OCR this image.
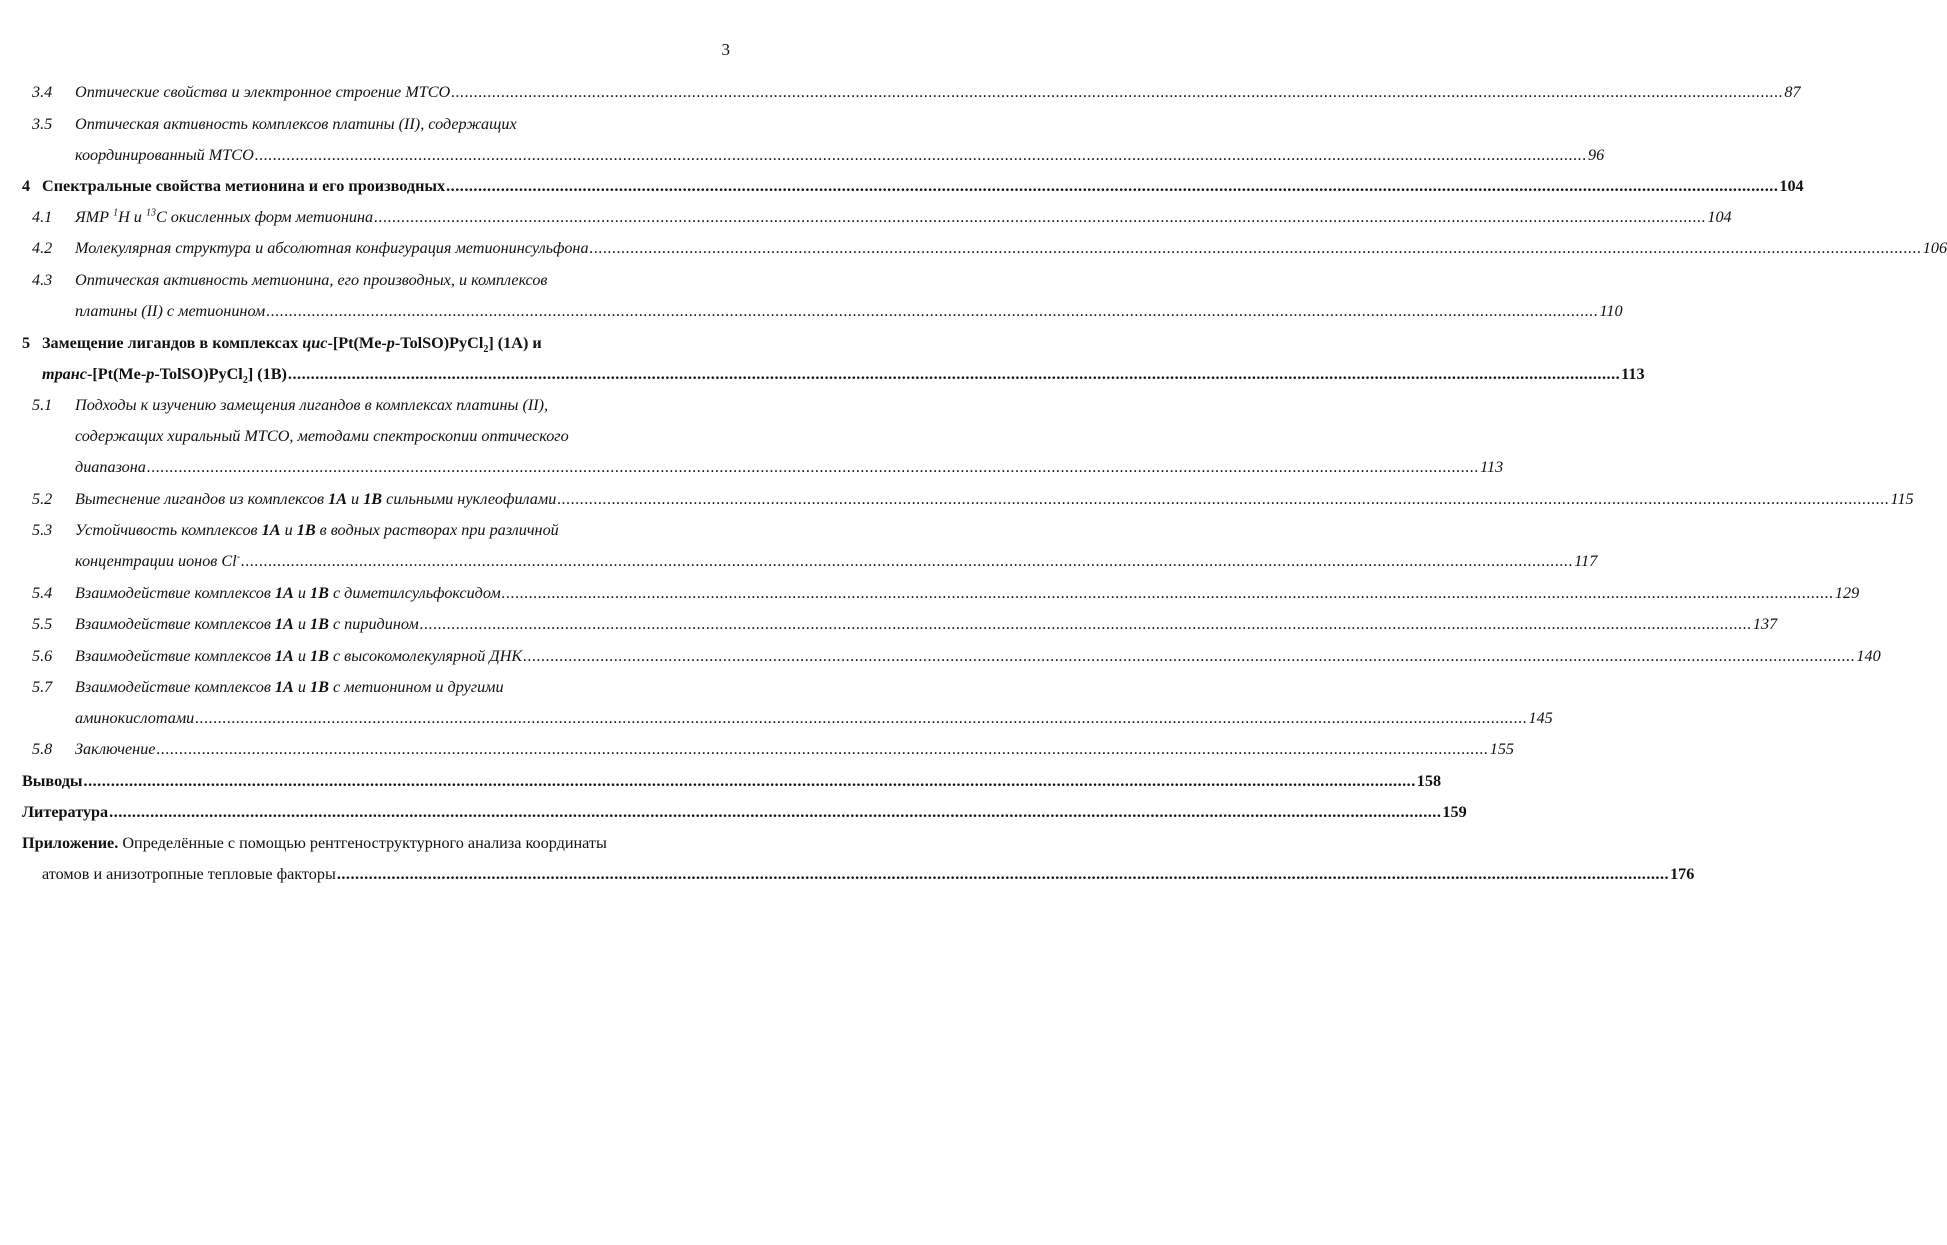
3
3.4	Оптические свойства и электронное строение МТСО .....	87
3.5	Оптическая активность комплексов платины (II), содержащих
координированный МТСО .....	96
4 Спектральные свойства метионина и его производных .....	104
4.1	ЯМР $^1$Н и $^{13}$С окисленных форм метионина .....	104
4.2	Молекулярная структура и абсолютная конфигурация метионинсульфона .....	106
4.3	Оптическая активность метионина, его производных, и комплексов
платины (II) с метионином .....	110
5 Замещение лигандов в комплексах цис-[Pt(Me-p-TolSO)PyCl$_2$] (1A) и
транс-[Pt(Me-p-TolSO)PyCl$_2$] (1B) .....	113
5.1	Подходы к изучению замещения лигандов в комплексах платины (II),
содержащих хиральный МТСО, методами спектроскопии оптического
диапазона .....	113
5.2	Вытеснение лигандов из комплексов 1A и 1B сильными нуклеофилами .....	115
5.3	Устойчивость комплексов 1A и 1B в водных растворах при различной
концентрации ионов Cl- .....	117
5.4	Взаимодействие комплексов 1A и 1B с диметилсульфоксидом .....	129
5.5	Взаимодействие комплексов 1A и 1B с пиридином .....	137
5.6	Взаимодействие комплексов 1A и 1B с высокомолекулярной ДНК .....	140
5.7	Взаимодействие комплексов 1A и 1B с метионином и другими
аминокислотами .....	145
5.8	Заключение .....	155
Выводы .....	158
Литература .....	159
Приложение. Определённые с помощью рентгеноструктурного анализа координаты
атомов и анизотропные тепловые факторы .....	176
